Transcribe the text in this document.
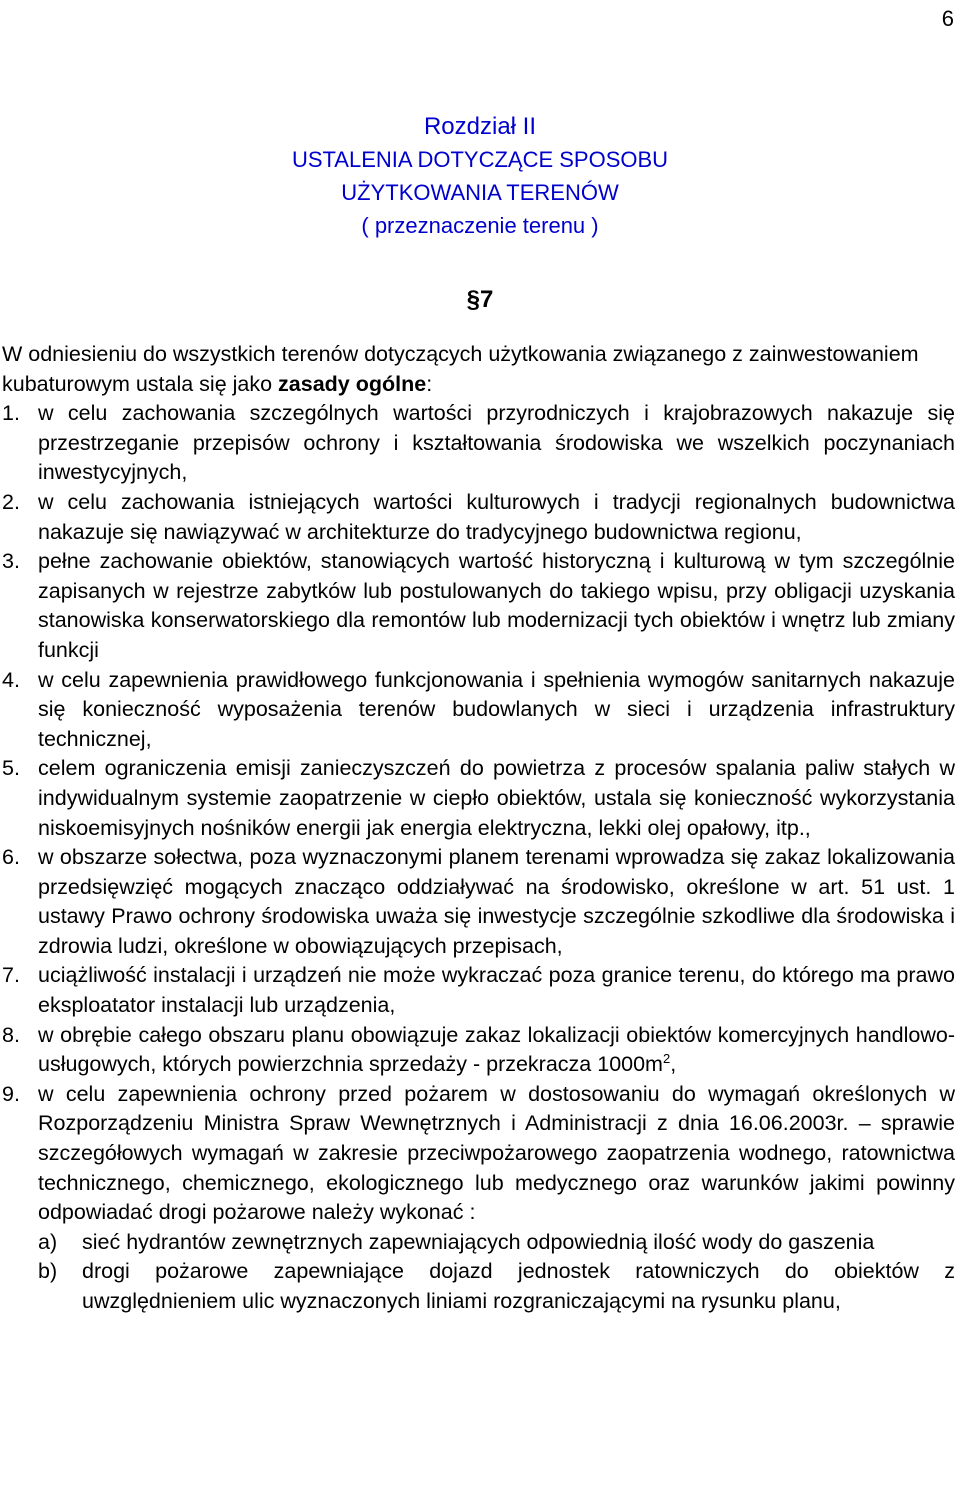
6
Rozdział II
USTALENIA DOTYCZĄCE SPOSOBU
UŻYTKOWANIA TERENÓW
( przeznaczenie terenu )
§7

W odniesieniu do wszystkich terenów dotyczących użytkowania związanego z zainwestowaniem kubaturowym ustala się jako zasady ogólne:

1. w celu zachowania szczególnych wartości przyrodniczych i krajobrazowych nakazuje się przestrzeganie przepisów ochrony i kształtowania środowiska we wszelkich poczynaniach inwestycyjnych,
2. w celu zachowania istniejących wartości kulturowych i tradycji regionalnych budownictwa nakazuje się nawiązywać w architekturze do tradycyjnego budownictwa regionu,
3. pełne zachowanie obiektów, stanowiących wartość historyczną i kulturową w tym szczególnie zapisanych w rejestrze zabytków lub postulowanych do takiego wpisu, przy obligacji uzyskania stanowiska konserwatorskiego dla remontów lub modernizacji tych obiektów i wnętrz lub zmiany funkcji
4. w celu zapewnienia prawidłowego funkcjonowania i spełnienia wymogów sanitarnych nakazuje się konieczność wyposażenia terenów budowlanych w sieci i urządzenia infrastruktury technicznej,
5. celem ograniczenia emisji zanieczyszczeń do powietrza z procesów spalania paliw stałych w indywidualnym systemie zaopatrzenie w ciepło obiektów, ustala się konieczność wykorzystania niskoemisyjnych nośników energii jak energia elektryczna, lekki olej opałowy, itp.,
6. w obszarze sołectwa, poza wyznaczonymi planem terenami wprowadza się zakaz lokalizowania przedsięwzięć mogących znacząco oddziaływać na środowisko, określone w art. 51 ust. 1 ustawy Prawo ochrony środowiska uważa się inwestycje szczególnie szkodliwe dla środowiska i zdrowia ludzi, określone w obowiązujących przepisach,
7. uciążliwość instalacji i urządzeń nie może wykraczać poza granice terenu, do którego ma prawo eksploatator instalacji lub urządzenia,
8. w obrębie całego obszaru planu obowiązuje zakaz lokalizacji obiektów komercyjnych handlowo-usługowych, których powierzchnia sprzedaży - przekracza $1000m^2$,
9. w celu zapewnienia ochrony przed pożarem w dostosowaniu do wymagań określonych w Rozporządzeniu Ministra Spraw Wewnętrznych i Administracji z dnia 16.06.2003r. – sprawie szczegółowych wymagań w zakresie przeciwpożarowego zaopatrzenia wodnego, ratownictwa technicznego, chemicznego, ekologicznego lub medycznego oraz warunków jakimi powinny odpowiadać drogi pożarowe należy wykonać :
a)	sieć hydrantów zewnętrznych zapewniających odpowiednią ilość wody do gaszenia
b)	drogi pożarowe zapewniające dojazd jednostek ratowniczych do obiektów z uwzględnieniem ulic wyznaczonych liniami rozgraniczającymi na rysunku planu,
